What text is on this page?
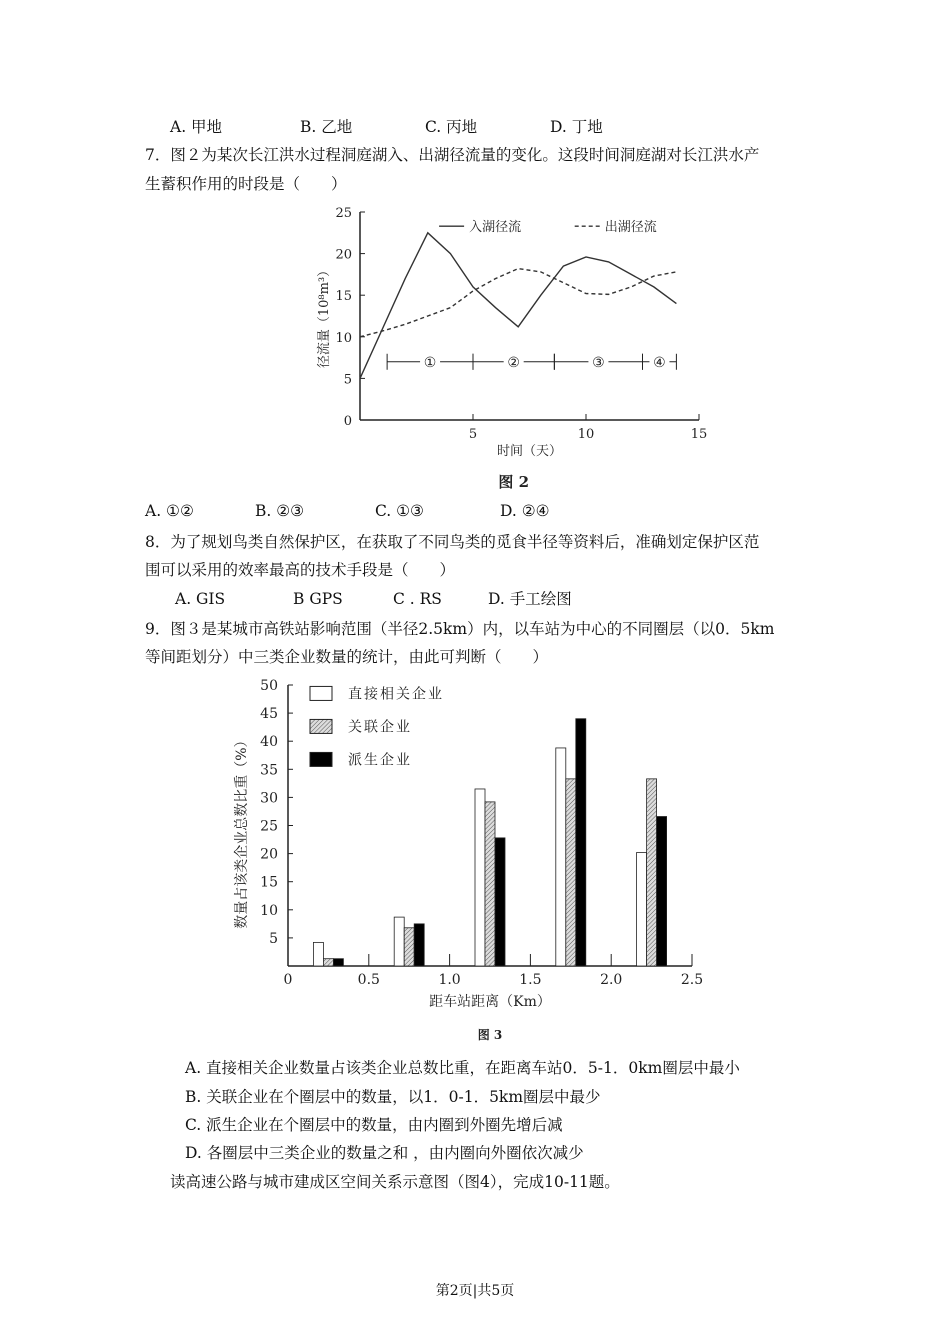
A. 甲地	B. 乙地	C. 丙地	D. 丁地
7．图２为某次长江洪水过程洞庭湖入、出湖径流量的变化。这段时间洞庭湖对长江洪水产
生蓄积作用的时段是（　　）
0
5
10
15
20
25
5	10	15
时间（天）
径流量（10⁸m³）
入湖径流	出湖径流
①	②	③	④
图 2
A. ①②	B. ②③	C. ①③	D. ②④
8．为了规划鸟类自然保护区，在获取了不同鸟类的觅食半径等资料后，准确划定保护区范
围可以采用的效率最高的技术手段是（　　）
A. GIS	B GPS	C . RS	D. 手工绘图
9．图３是某城市高铁站影响范围（半径2.5km）内，以车站为中心的不同圈层（以0．5km
等间距划分）中三类企业数量的统计，由此可判断（　　）
5
10
15
20
25
30
35
40
45
50
0	0.5	1.0	1.5	2.0	2.5
距车站距离（Km）
数量占该类企业总数比重（%）
直接相关企业
关联企业
派生企业
图 3
A. 直接相关企业数量占该类企业总数比重，在距离车站0．5-1．0km圈层中最小
B. 关联企业在个圈层中的数量，以1．0-1．5km圈层中最少
C. 派生企业在个圈层中的数量，由内圈到外圈先增后减
D. 各圈层中三类企业的数量之和 ，由内圈向外圈依次减少
读高速公路与城市建成区空间关系示意图（图4），完成10-11题。
第2页|共5页
